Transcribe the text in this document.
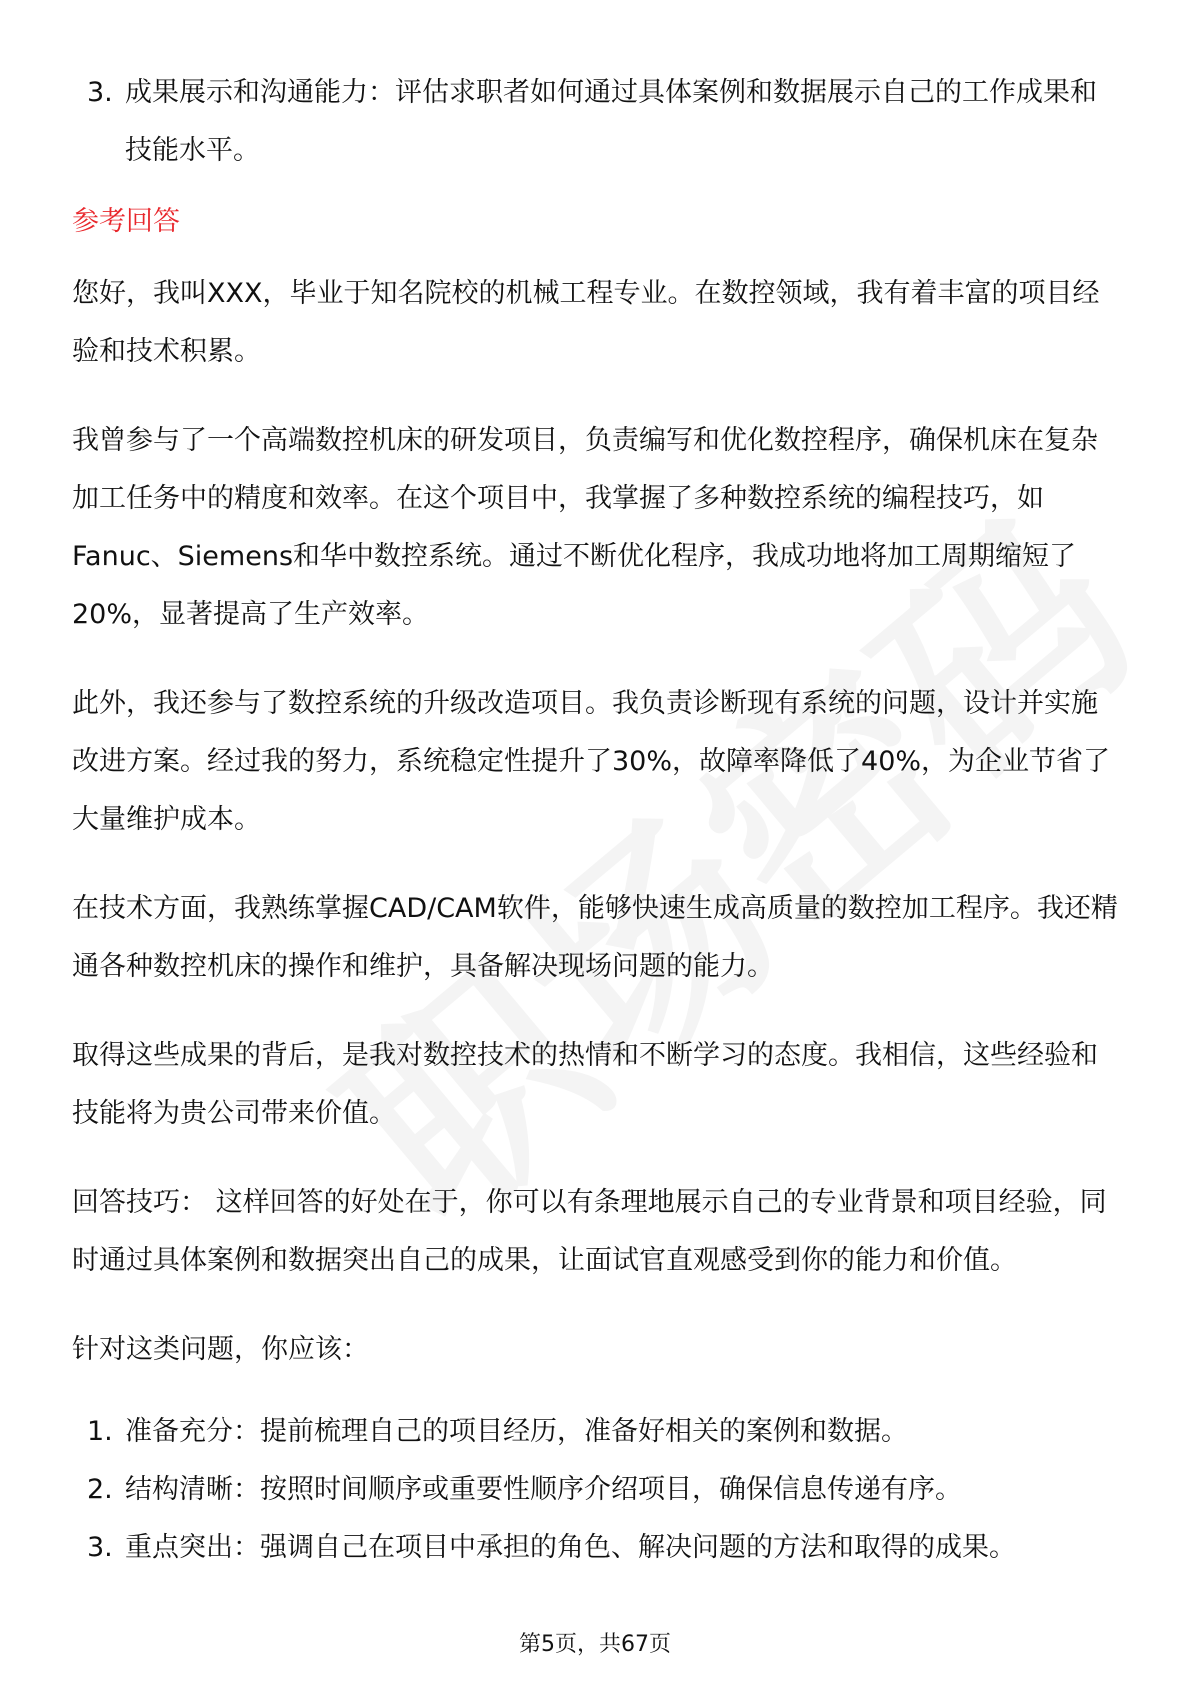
3. 成果展示和沟通能力：评估求职者如何通过具体案例和数据展示自己的工作成果和技能水平。
参考回答
您好，我叫XXX，毕业于知名院校的机械工程专业。在数控领域，我有着丰富的项目经验和技术积累。
我曾参与了一个高端数控机床的研发项目，负责编写和优化数控程序，确保机床在复杂加工任务中的精度和效率。在这个项目中，我掌握了多种数控系统的编程技巧，如Fanuc、Siemens和华中数控系统。通过不断优化程序，我成功地将加工周期缩短了20%，显著提高了生产效率。
此外，我还参与了数控系统的升级改造项目。我负责诊断现有系统的问题，设计并实施改进方案。经过我的努力，系统稳定性提升了30%，故障率降低了40%，为企业节省了大量维护成本。
在技术方面，我熟练掌握CAD/CAM软件，能够快速生成高质量的数控加工程序。我还精通各种数控机床的操作和维护，具备解决现场问题的能力。
取得这些成果的背后，是我对数控技术的热情和不断学习的态度。我相信，这些经验和技能将为贵公司带来价值。
回答技巧： 这样回答的好处在于，你可以有条理地展示自己的专业背景和项目经验，同时通过具体案例和数据突出自己的成果，让面试官直观感受到你的能力和价值。
针对这类问题，你应该：
1. 准备充分：提前梳理自己的项目经历，准备好相关的案例和数据。
2. 结构清晰：按照时间顺序或重要性顺序介绍项目，确保信息传递有序。
3. 重点突出：强调自己在项目中承担的角色、解决问题的方法和取得的成果。
第5页，共67页
